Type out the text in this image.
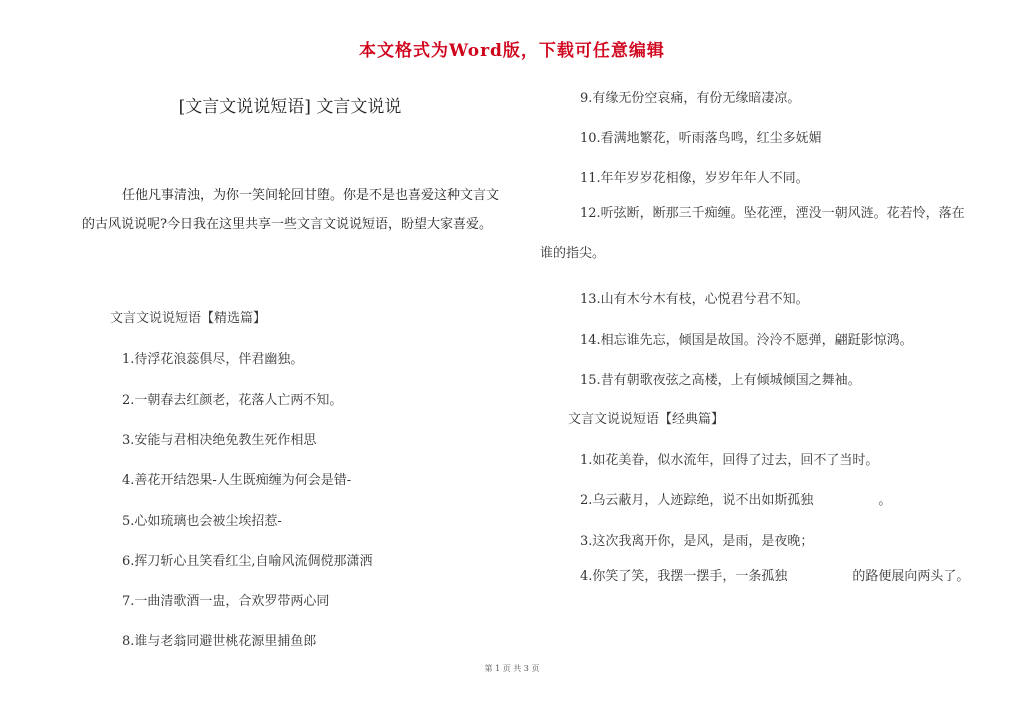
本文格式为Word版，下载可任意编辑
[文言文说说短语] 文言文说说
任他凡事清浊，为你一笑间轮回甘堕。你是不是也喜爱这种文言文的古风说说呢?今日我在这里共享一些文言文说说短语，盼望大家喜爱。
文言文说说短语【精选篇】
1.待浮花浪蕊俱尽，伴君幽独。
2.一朝春去红颜老，花落人亡两不知。
3.安能与君相决绝免教生死作相思
4.善花开结怨果-人生既痴缠为何会是错-
5.心如琉璃也会被尘埃招惹-
6.挥刀斩心且笑看红尘,自喻风流倜傥那潇洒
7.一曲清歌酒一盅，合欢罗带两心同
8.谁与老翁同避世桃花源里捕鱼郎
9.有缘无份空哀痛，有份无缘暗凄凉。
10.看满地繁花，听雨落鸟鸣，红尘多妩媚
11.年年岁岁花相像，岁岁年年人不同。
12.听弦断，断那三千痴缠。坠花湮，湮没一朝风涟。花若怜，落在谁的指尖。
13.山有木兮木有枝，心悦君兮君不知。
14.相忘谁先忘，倾国是故国。泠泠不愿弹，翩跹影惊鸿。
15.昔有朝歌夜弦之高楼，上有倾城倾国之舞袖。
文言文说说短语【经典篇】
1.如花美眷，似水流年，回得了过去，回不了当时。
2.乌云蔽月，人迹踪绝，说不出如斯孤独　　　　　。
3.这次我离开你，是风，是雨，是夜晚；
4.你笑了笑，我摆一摆手，一条孤独　　　　　的路便展向两头了。
第 1 页 共 3 页
